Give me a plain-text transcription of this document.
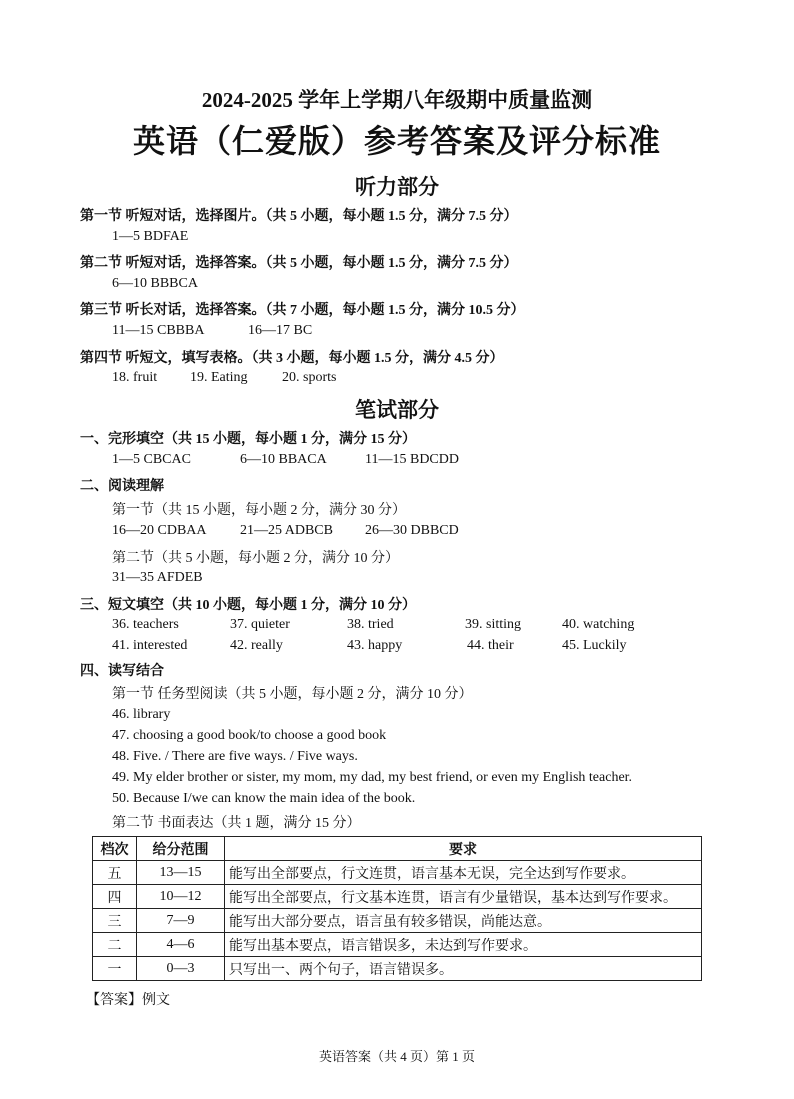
2024-2025 学年上学期八年级期中质量监测
英语（仁爱版）参考答案及评分标准
听力部分
第一节 听短对话，选择图片。（共 5 小题，每小题 1.5 分，满分 7.5 分）
1—5 BDFAE
第二节 听短对话，选择答案。（共 5 小题，每小题 1.5 分，满分 7.5 分）
6—10 BBBCA
第三节 听长对话，选择答案。（共 7 小题，每小题 1.5 分，满分 10.5 分）
11—15 CBBBA	16—17 BC
第四节 听短文，填写表格。（共 3 小题，每小题 1.5 分，满分 4.5 分）
18. fruit 19. Eating 20. sports
笔试部分
一、完形填空（共 15 小题，每小题 1 分，满分 15 分）
1—5 CBCAC	6—10 BBACA	11—15 BDCDD
二、阅读理解
第一节（共 15 小题，每小题 2 分，满分 30 分）
16—20 CDBAA 21—25 ADBCB 26—30 DBBCD
第二节（共 5 小题，每小题 2 分，满分 10 分）
31—35 AFDEB
三、短文填空（共 10 小题，每小题 1 分，满分 10 分）
36. teachers	37. quieter	38. tried	39. sitting	40. watching
41. interested	42. really	43. happy	44. their	45. Luckily
四、读写结合
第一节 任务型阅读（共 5 小题，每小题 2 分，满分 10 分）
46. library
47. choosing a good book/to choose a good book
48. Five. / There are five ways. / Five ways.
49. My elder brother or sister, my mom, my dad, my best friend, or even my English teacher.
50. Because I/we can know the main idea of the book.
第二节 书面表达（共 1 题，满分 15 分）
档次	给分范围	要求
五	13—15	能写出全部要点，行文连贯，语言基本无误，完全达到写作要求。
四	10—12	能写出全部要点，行文基本连贯，语言有少量错误，基本达到写作要求。
三	7—9	能写出大部分要点，语言虽有较多错误，尚能达意。
二	4—6	能写出基本要点，语言错误多，未达到写作要求。
一	0—3	只写出一、两个句子，语言错误多。
【答案】例文
英语答案（共 4 页）第 1 页
